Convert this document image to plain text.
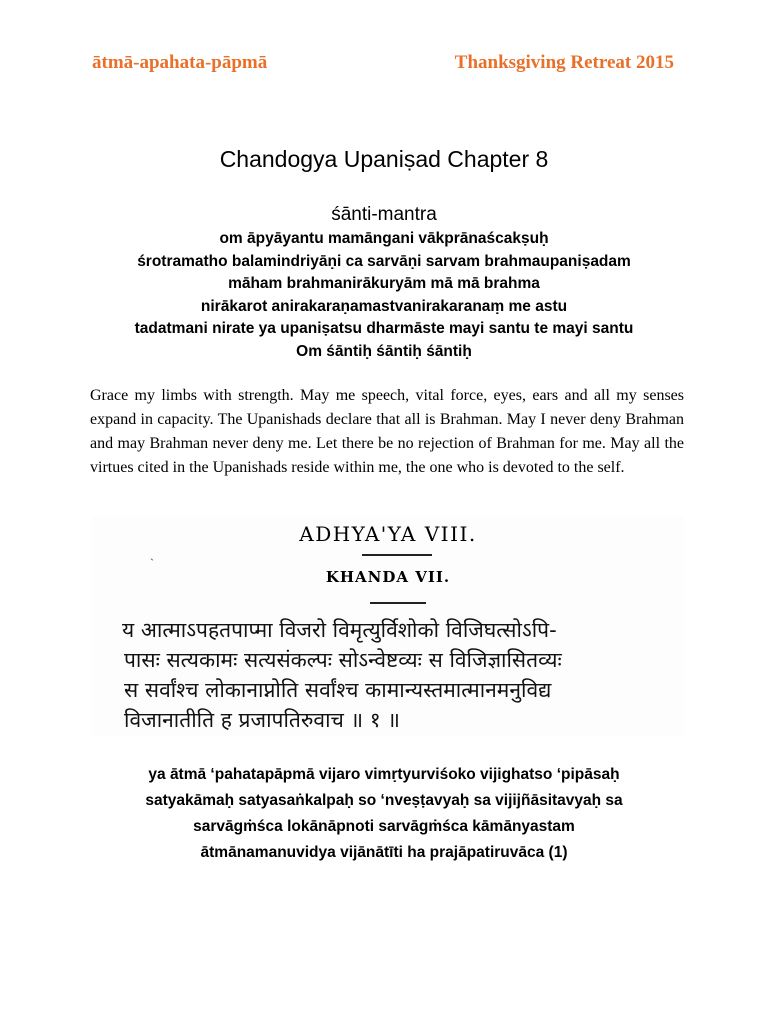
ātmā-apahata-pāpmā	Thanksgiving Retreat 2015
Chandogya Upaniṣad Chapter 8
śānti-mantra
om āpyāyantu mamāngani vākprānaścakṣuḥ
śrotramatho balamindriyāṇi ca sarvāṇi sarvam brahmaupaniṣadam
māham brahmanirākuryām mā mā brahma
nirākarot anirakaraṇamastvanirakaranaṃ me astu
tadatmani nirate ya upaniṣatsu dharmāste mayi santu te mayi santu
Om śāntiḥ śāntiḥ śāntiḥ
Grace my limbs with strength. May me speech, vital force, eyes, ears and all my senses expand in capacity. The Upanishads declare that all is Brahman. May I never deny Brahman and may Brahman never deny me. Let there be no rejection of Brahman for me. May all the virtues cited in the Upanishads reside within me, the one who is devoted to the self.
ADHYA'YA VIII.
`
KHANDA VII.
य आत्माऽपहतपाप्मा विजरो विमृत्युर्विशोको विजिघत्सोऽपि-
पासः सत्यकामः सत्यसंकल्पः सोऽन्वेष्टव्यः स विजिज्ञासितव्यः
स सर्वांश्च लोकानाप्नोति सर्वांश्च कामान्यस्तमात्मानमनुविद्य
विजानातीति ह प्रजापतिरुवाच ॥ १ ॥
ya ātmā ‘pahatapāpmā vijaro vimṛtyurviśoko vijighatso ‘pipāsaḥ
satyakāmaḥ satyasaṅkalpaḥ so ‘nveṣṭavyaḥ sa vijijñāsitavyaḥ sa
sarvāgṁśca lokānāpnoti sarvāgṁśca kāmānyastam
ātmānamanuvidya vijānātīti ha prajāpatiruvāca (1)
